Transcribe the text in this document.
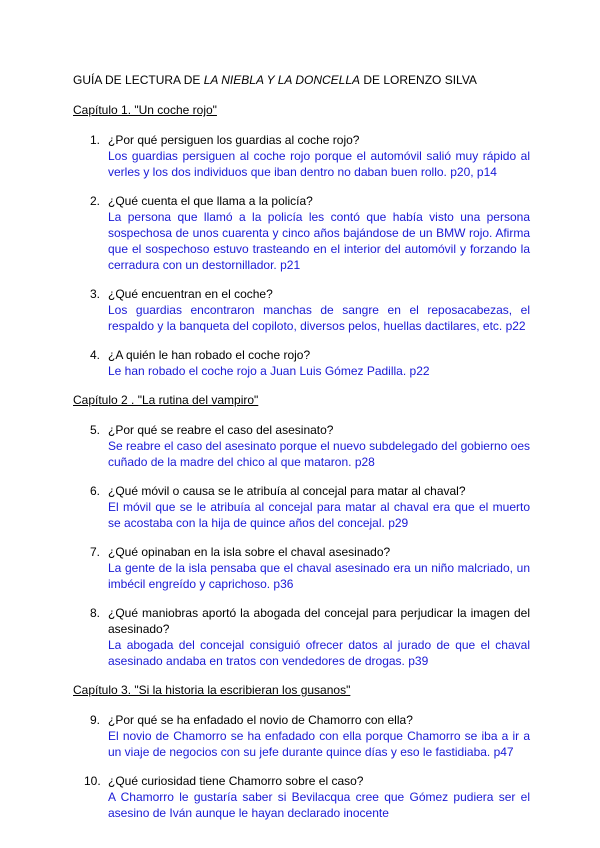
GUÍA DE LECTURA DE LA NIEBLA Y LA DONCELLA DE LORENZO SILVA

Capítulo 1. "Un coche rojo"

1. ¿Por qué persiguen los guardias al coche rojo?
Los guardias persiguen al coche rojo porque el automóvil salió muy rápido al verles y los dos individuos que iban dentro no daban buen rollo. p20, p14
2. ¿Qué cuenta el que llama a la policía?
La persona que llamó a la policía les contó que había visto una persona sospechosa de unos cuarenta y cinco años bajándose de un BMW rojo. Afirma que el sospechoso estuvo trasteando en el interior del automóvil y forzando la cerradura con un destornillador. p21
3. ¿Qué encuentran en el coche?
Los guardias encontraron manchas de sangre en el reposacabezas, el respaldo y la banqueta del copiloto, diversos pelos, huellas dactilares, etc. p22
4. ¿A quién le han robado el coche rojo?
Le han robado el coche rojo a Juan Luis Gómez Padilla. p22

Capítulo 2 . "La rutina del vampiro"

5. ¿Por qué se reabre el caso del asesinato?
Se reabre el caso del asesinato porque el nuevo subdelegado del gobierno oes cuñado de la madre del chico al que mataron. p28
6. ¿Qué móvil o causa se le atribuía al concejal para matar al chaval?
El móvil que se le atribuía al concejal para matar al chaval era que el muerto se acostaba con la hija de quince años del concejal. p29
7. ¿Qué opinaban en la isla sobre el chaval asesinado?
La gente de la isla pensaba que el chaval asesinado era un niño malcriado, un imbécil engreído y caprichoso. p36
8. ¿Qué maniobras aportó la abogada del concejal para perjudicar la imagen del asesinado?
La abogada del concejal consiguió ofrecer datos al jurado de que el chaval asesinado andaba en tratos con vendedores de drogas. p39

Capítulo 3. "Si la historia la escribieran los gusanos"

9. ¿Por qué se ha enfadado el novio de Chamorro con ella?
El novio de Chamorro se ha enfadado con ella porque Chamorro se iba a ir a un viaje de negocios con su jefe durante quince días y eso le fastidiaba. p47
10. ¿Qué curiosidad tiene Chamorro sobre el caso?
A Chamorro le gustaría saber si Bevilacqua cree que Gómez pudiera ser el asesino de Iván aunque le hayan declarado inocente
